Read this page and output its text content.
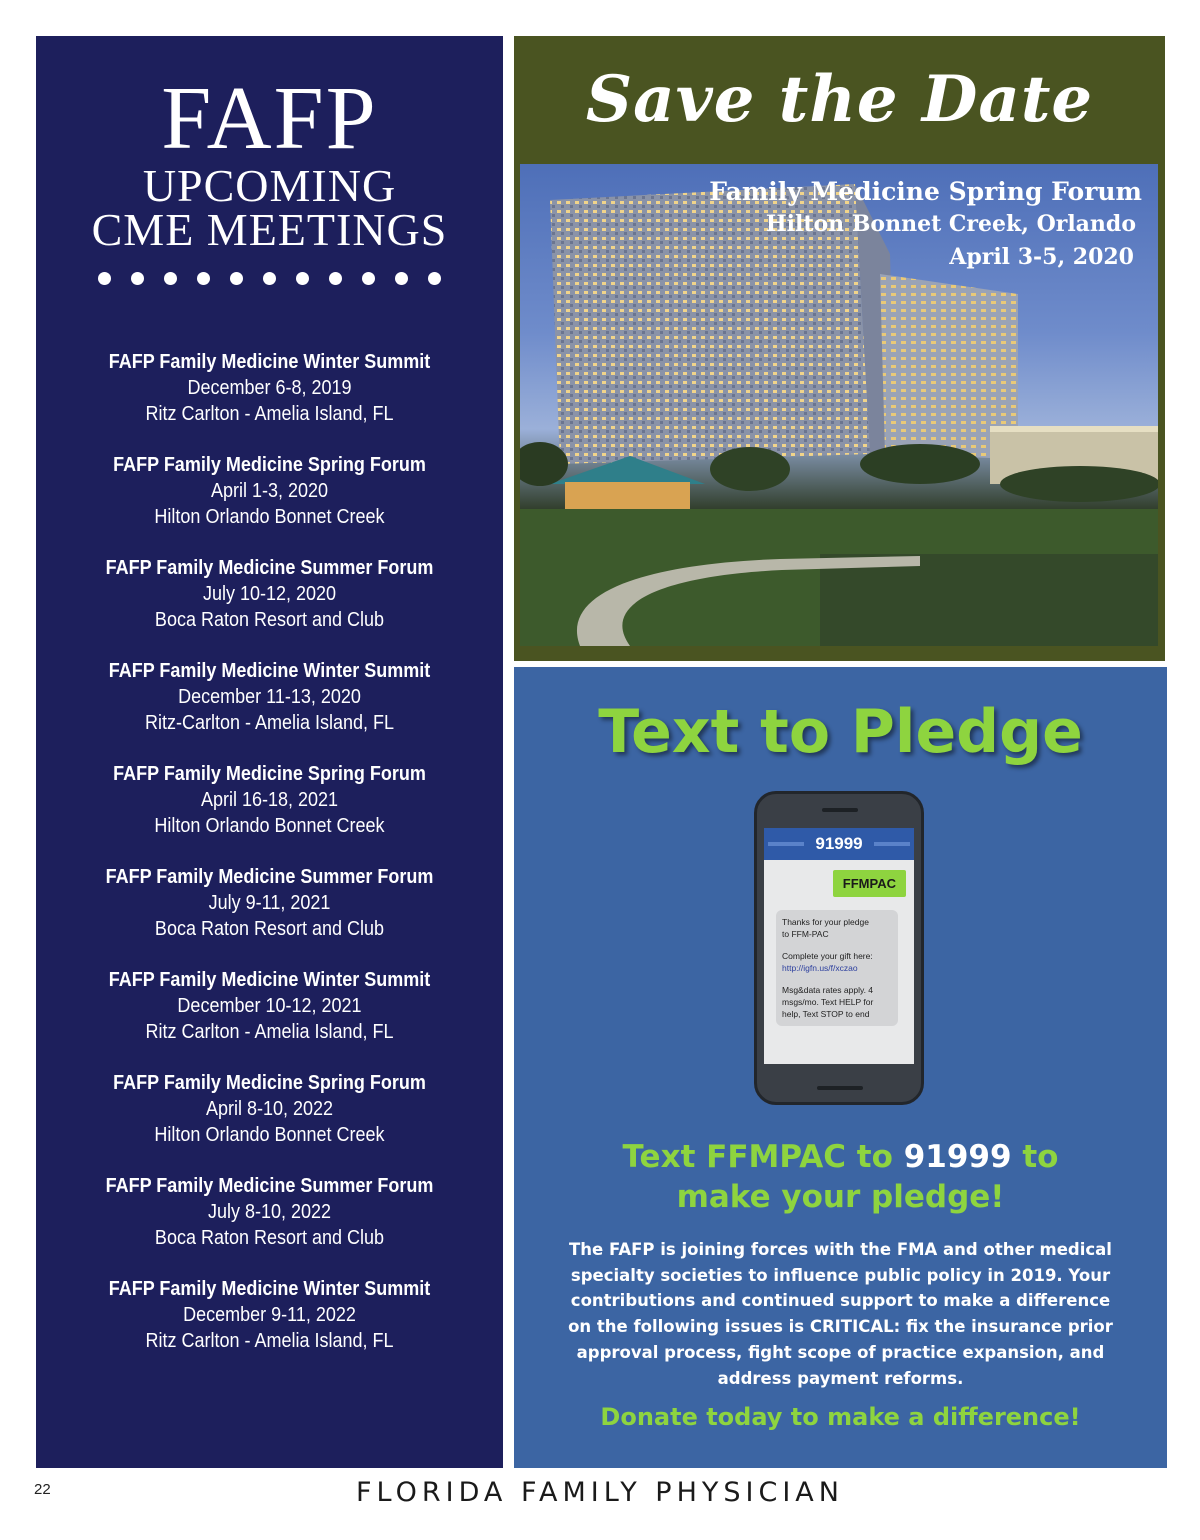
FAFP
UPCOMING
CME MEETINGS
FAFP Family Medicine Winter Summit
December 6-8, 2019
Ritz Carlton - Amelia Island, FL
FAFP Family Medicine Spring Forum
April 1-3, 2020
Hilton Orlando Bonnet Creek
FAFP Family Medicine Summer Forum
July 10-12, 2020
Boca Raton Resort and Club
FAFP Family Medicine Winter Summit
December 11-13, 2020
Ritz-Carlton - Amelia Island, FL
FAFP Family Medicine Spring Forum
April 16-18, 2021
Hilton Orlando Bonnet Creek
FAFP Family Medicine Summer Forum
July 9-11, 2021
Boca Raton Resort and Club
FAFP Family Medicine Winter Summit
December 10-12, 2021
Ritz Carlton - Amelia Island, FL
FAFP Family Medicine Spring Forum
April 8-10, 2022
Hilton Orlando Bonnet Creek
FAFP Family Medicine Summer Forum
July 8-10, 2022
Boca Raton Resort and Club
FAFP Family Medicine Winter Summit
December 9-11, 2022
Ritz Carlton - Amelia Island, FL
Save the Date
Family Medicine Spring Forum
Hilton Bonnet Creek, Orlando
April 3-5, 2020
Text to Pledge
91999
FFMPAC
Thanks for your pledge
to FFM-PAC
Complete your gift here:
http://igfn.us/f/xczao
Msg&data rates apply. 4
msgs/mo. Text HELP for
help, Text STOP to end
Text FFMPAC to 91999 to
make your pledge!
The FAFP is joining forces with the FMA and other medical specialty societies to influence public policy in 2019. Your contributions and continued support to make a difference on the following issues is CRITICAL: fix the insurance prior approval process, fight scope of practice expansion, and address payment reforms.
Donate today to make a difference!
22	FLORIDA FAMILY PHYSICIAN
